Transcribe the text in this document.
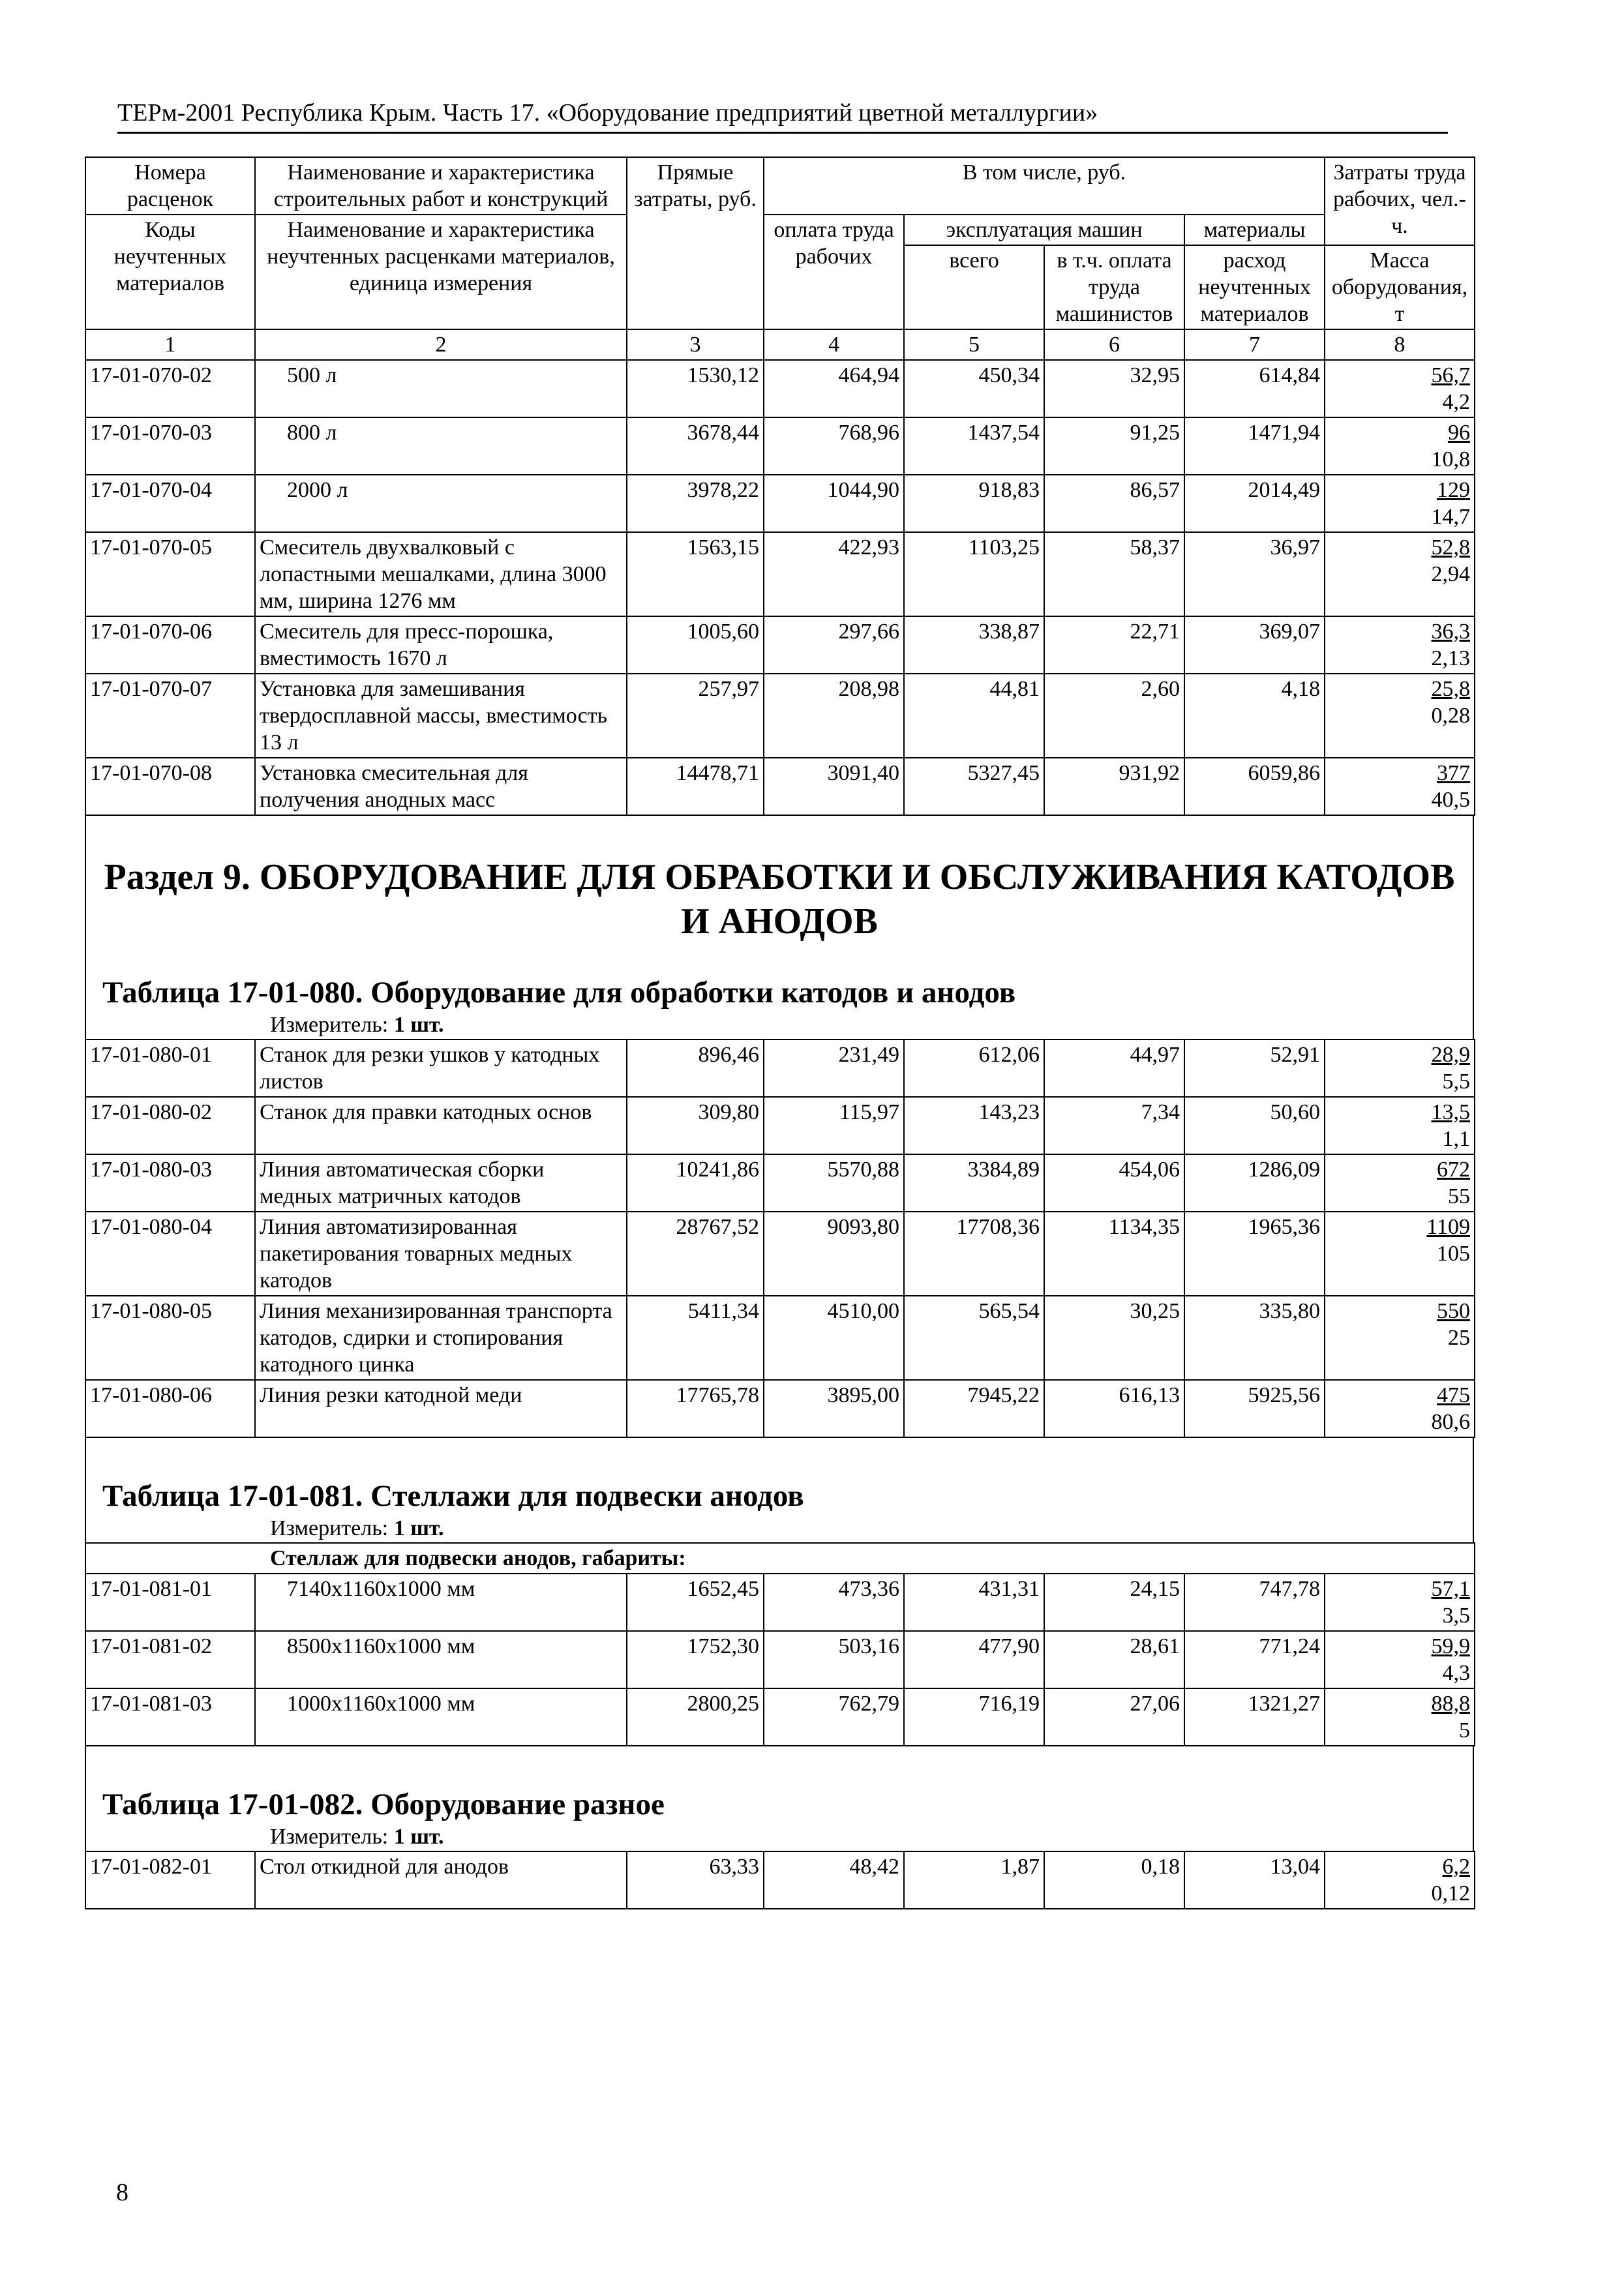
ТЕРм-2001 Республика Крым. Часть 17. «Оборудование предприятий цветной металлургии»
Номера расценок	Наименование и характеристика строительных работ и конструкций	Прямые затраты, руб.	В том числе, руб.				Затраты труда рабочих, чел.-ч.
Коды неучтенных материалов	Наименование и характеристика неучтенных расценками материалов, единица измерения		оплата труда рабочих	эксплуатация машин		материалы	
				всего	в т.ч. оплата труда машинистов	расход неучтенных материалов	Масса оборудования, т
1	2	3	4	5	6	7	8
17-01-070-02	500 л	1530,12	464,94	450,34	32,95	614,84	56,7
4,2

17-01-070-03	800 л	3678,44	768,96	1437,54	91,25	1471,94	96
10,8

17-01-070-04	2000 л	3978,22	1044,90	918,83	86,57	2014,49	129
14,7

17-01-070-05	Смеситель двухвалковый с лопастными мешалками, длина 3000 мм, ширина 1276 мм	1563,15	422,93	1103,25	58,37	36,97	52,8
2,94

17-01-070-06	Смеситель для пресс-порошка, вместимость 1670 л	1005,60	297,66	338,87	22,71	369,07	36,3
2,13

17-01-070-07	Установка для замешивания твердосплавной массы, вместимость 13 л	257,97	208,98	44,81	2,60	4,18	25,8
0,28

17-01-070-08	Установка смесительная для получения анодных масс	14478,71	3091,40	5327,45	931,92	6059,86	377
40,5
Раздел 9. ОБОРУДОВАНИЕ ДЛЯ ОБРАБОТКИ И ОБСЛУЖИВАНИЯ КАТОДОВ И АНОДОВ
Таблица 17-01-080. Оборудование для обработки катодов и анодов
Измеритель: 1 шт.
17-01-080-01	Станок для резки ушков у катодных листов	896,46	231,49	612,06	44,97	52,91	28,9
5,5

17-01-080-02	Станок для правки катодных основ	309,80	115,97	143,23	7,34	50,60	13,5
1,1

17-01-080-03	Линия автоматическая сборки медных матричных катодов	10241,86	5570,88	3384,89	454,06	1286,09	672
55

17-01-080-04	Линия автоматизированная пакетирования товарных медных катодов	28767,52	9093,80	17708,36	1134,35	1965,36	1109
105

17-01-080-05	Линия механизированная транспорта катодов, сдирки и стопирования катодного цинка	5411,34	4510,00	565,54	30,25	335,80	550
25

17-01-080-06	Линия резки катодной меди	17765,78	3895,00	7945,22	616,13	5925,56	475
80,6
Таблица 17-01-081. Стеллажи для подвески анодов
Измеритель: 1 шт.
Стеллаж для подвески анодов, габариты:							
17-01-081-01	7140х1160х1000 мм	1652,45	473,36	431,31	24,15	747,78	57,1
3,5

17-01-081-02	8500х1160х1000 мм	1752,30	503,16	477,90	28,61	771,24	59,9
4,3

17-01-081-03	1000х1160х1000 мм	2800,25	762,79	716,19	27,06	1321,27	88,8
5
Таблица 17-01-082. Оборудование разное
Измеритель: 1 шт.
17-01-082-01	Стол откидной для анодов	63,33	48,42	1,87	0,18	13,04	6,2
0,12
8
